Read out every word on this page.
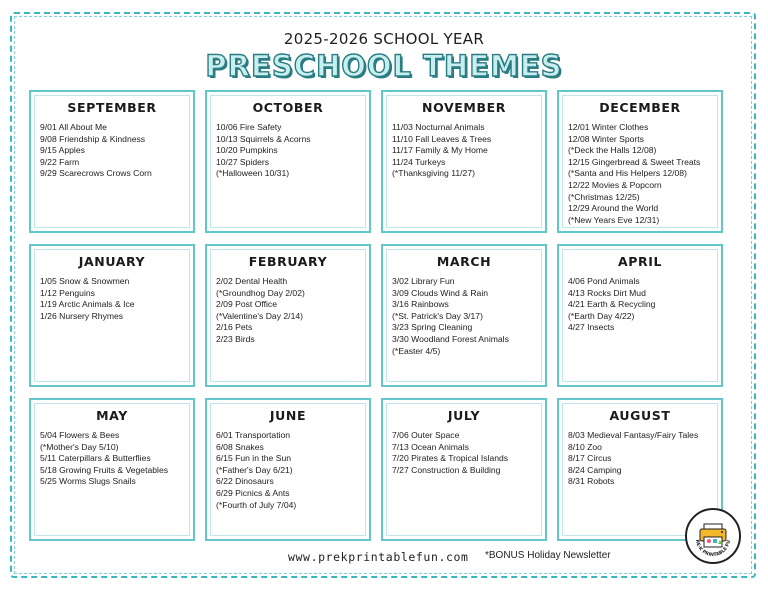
2025-2026 SCHOOL YEAR
PRESCHOOL THEMES
SEPTEMBER
9/01 All About Me
9/08 Friendship & Kindness
9/15 Apples
9/22 Farm
9/29 Scarecrows Crows Corn
OCTOBER
10/06 Fire Safety
10/13 Squirrels & Acorns
10/20 Pumpkins
10/27 Spiders
(*Halloween 10/31)
NOVEMBER
11/03 Nocturnal Animals
11/10 Fall Leaves & Trees
11/17 Family & My Home
11/24 Turkeys
(*Thanksgiving 11/27)
DECEMBER
12/01 Winter Clothes
12/08 Winter Sports
(*Deck the Halls 12/08)
12/15 Gingerbread & Sweet Treats
(*Santa and His Helpers 12/08)
12/22 Movies & Popcorn
(*Christmas 12/25)
12/29 Around the World
(*New Years Eve 12/31)
JANUARY
1/05 Snow & Snowmen
1/12 Penguins
1/19 Arctic Animals & Ice
1/26 Nursery Rhymes
FEBRUARY
2/02 Dental Health
(*Groundhog Day 2/02)
2/09 Post Office
(*Valentine's Day 2/14)
2/16 Pets
2/23 Birds
MARCH
3/02 Library Fun
3/09 Clouds Wind & Rain
3/16 Rainbows
(*St. Patrick's Day 3/17)
3/23 Spring Cleaning
3/30 Woodland Forest Animals
(*Easter 4/5)
APRIL
4/06 Pond Animals
4/13 Rocks Dirt Mud
4/21 Earth & Recycling
(*Earth Day 4/22)
4/27 Insects
MAY
5/04 Flowers & Bees
(*Mother's Day 5/10)
5/11 Caterpillars & Butterflies
5/18 Growing Fruits & Vegetables
5/25 Worms Slugs Snails
JUNE
6/01 Transportation
6/08 Snakes
6/15 Fun in the Sun
(*Father's Day 6/21)
6/22 Dinosaurs
6/29 Picnics & Ants
(*Fourth of July 7/04)
JULY
7/06 Outer Space
7/13 Ocean Animals
7/20 Pirates & Tropical Islands
7/27 Construction & Building
AUGUST
8/03 Medieval Fantasy/Fairy Tales
8/10 Zoo
8/17 Circus
8/24 Camping
8/31 Robots
www.prekprintablefun.com *BONUS Holiday Newsletter
RE-K PRINTABLE FU
